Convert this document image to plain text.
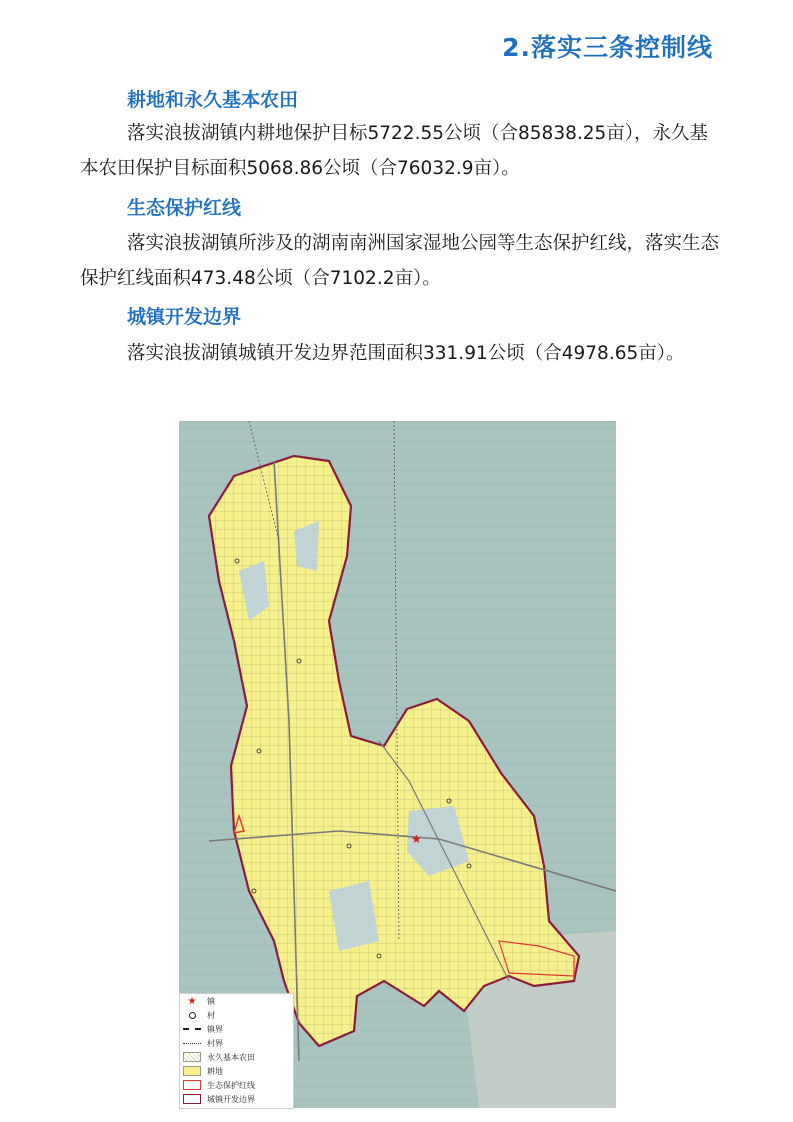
2.落实三条控制线
耕地和永久基本农田
落实浪拔湖镇内耕地保护目标5722.55公顷（合85838.25亩），永久基本农田保护目标面积5068.86公顷（合76032.9亩）。
生态保护红线
落实浪拔湖镇所涉及的湖南南洲国家湿地公园等生态保护红线，落实生态保护红线面积473.48公顷（合7102.2亩）。
城镇开发边界
落实浪拔湖镇城镇开发边界范围面积331.91公顷（合4978.65亩）。
★
★ 镇
村
镇界
村界
永久基本农田
耕地
生态保护红线
城镇开发边界
